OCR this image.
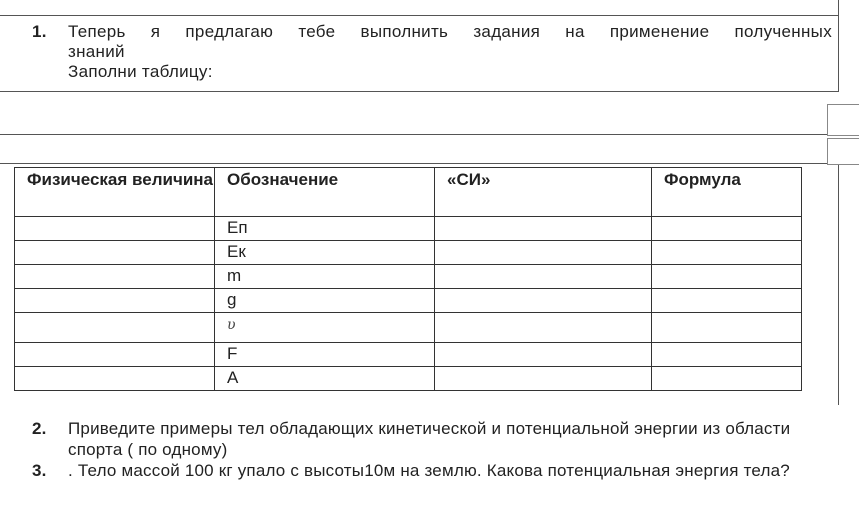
1. Теперь я предлагаю тебе выполнить задания на применение полученных
знаний
Заполни таблицу:
Физическая величина	Обозначение	«СИ»	Формула
	Еп		
	Ек		
	m		
	g		
	υ		
	F		
	А		
2. Приведите примеры тел обладающих кинетической и потенциальной энергии из области спорта ( по одному)
3. . Тело массой 100 кг упало с высоты10м на землю. Какова потенциальная энергия тела?
